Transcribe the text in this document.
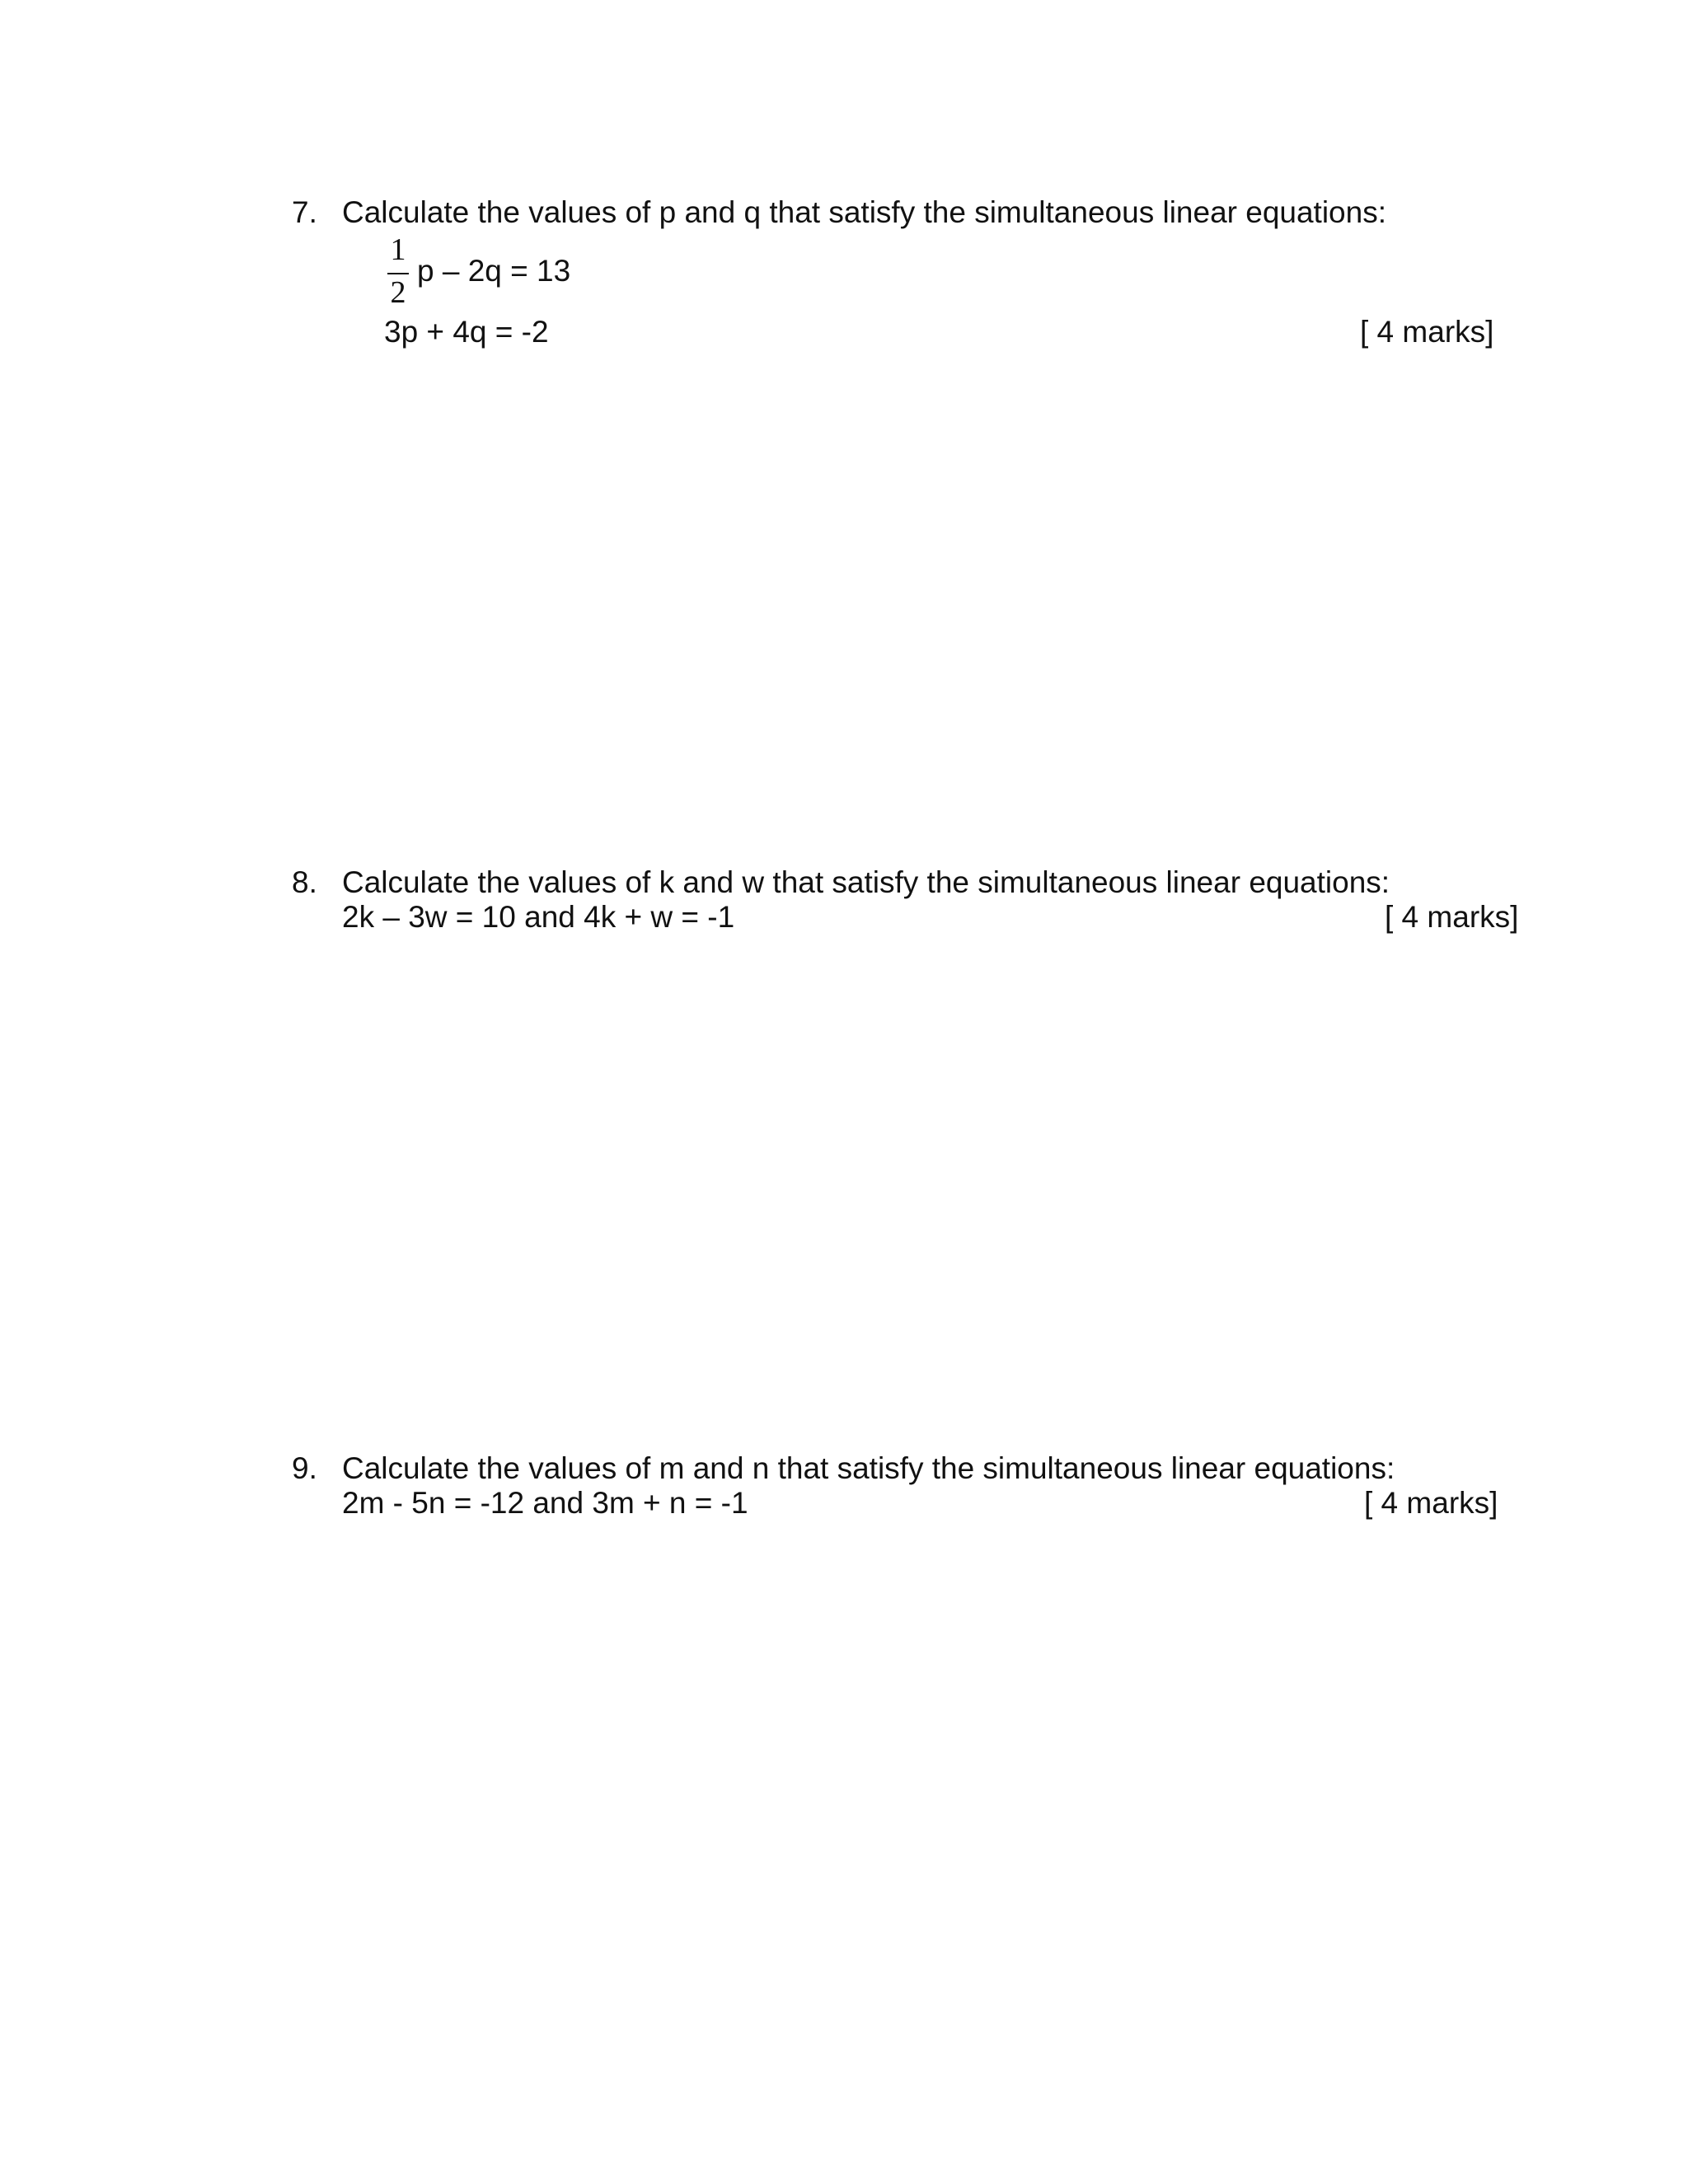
7. Calculate the values of p and q that satisfy the simultaneous linear equations:
1
2
p – 2q = 13
3p + 4q = -2	[ 4 marks]
8. Calculate the values of k and w that satisfy the simultaneous linear equations:
2k – 3w = 10 and 4k + w = -1	[ 4 marks]
9. Calculate the values of m and n that satisfy the simultaneous linear equations:
2m - 5n = -12 and 3m + n = -1	[ 4 marks]
